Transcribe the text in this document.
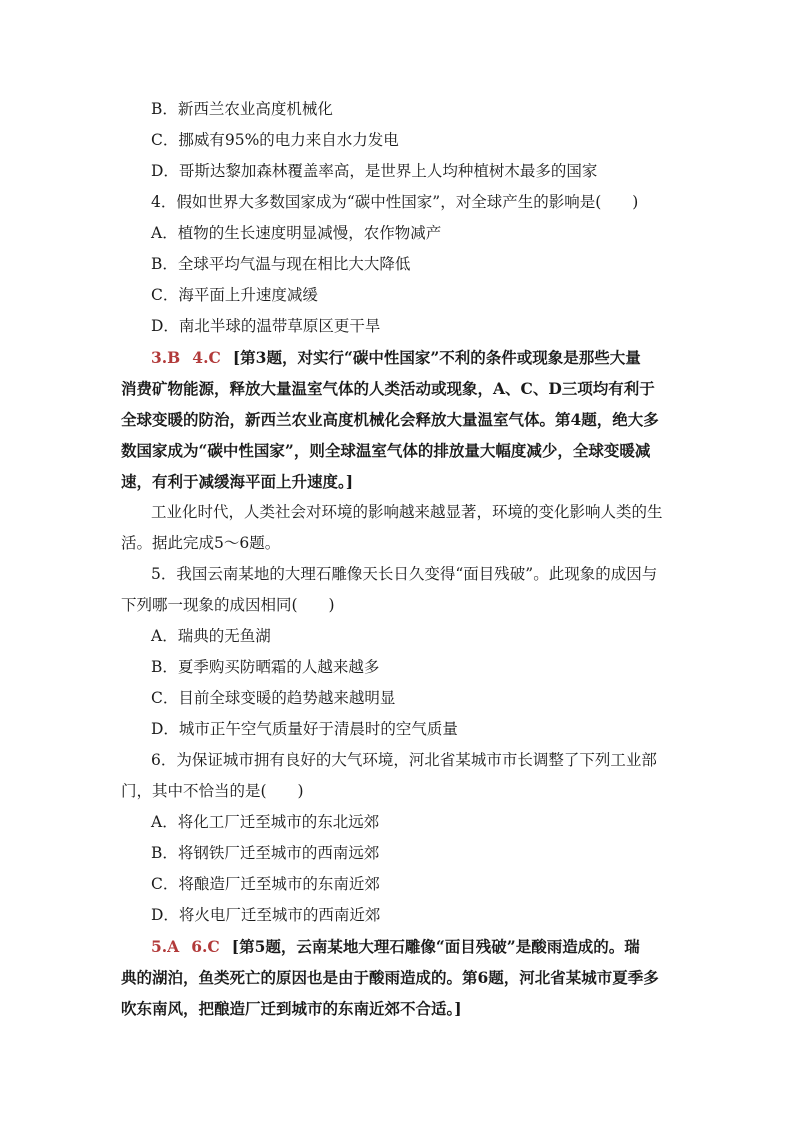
B．新西兰农业高度机械化
C．挪威有95%的电力来自水力发电
D．哥斯达黎加森林覆盖率高，是世界上人均种植树木最多的国家
4．假如世界大多数国家成为“碳中性国家”，对全球产生的影响是(　　)
A．植物的生长速度明显减慢，农作物减产
B．全球平均气温与现在相比大大降低
C．海平面上升速度减缓
D．南北半球的温带草原区更干旱
3.B 4.C [第3题，对实行“碳中性国家”不利的条件或现象是那些大量
消费矿物能源，释放大量温室气体的人类活动或现象，A、C、D三项均有利于
全球变暖的防治，新西兰农业高度机械化会释放大量温室气体。第4题，绝大多
数国家成为“碳中性国家”，则全球温室气体的排放量大幅度减少，全球变暖减
速，有利于减缓海平面上升速度。]
工业化时代，人类社会对环境的影响越来越显著，环境的变化影响人类的生
活。据此完成5～6题。
5．我国云南某地的大理石雕像天长日久变得“面目残破”。此现象的成因与
下列哪一现象的成因相同(　　)
A．瑞典的无鱼湖
B．夏季购买防晒霜的人越来越多
C．目前全球变暖的趋势越来越明显
D．城市正午空气质量好于清晨时的空气质量
6．为保证城市拥有良好的大气环境，河北省某城市市长调整了下列工业部
门，其中不恰当的是(　　)
A．将化工厂迁至城市的东北远郊
B．将钢铁厂迁至城市的西南远郊
C．将酿造厂迁至城市的东南近郊
D．将火电厂迁至城市的西南近郊
5.A 6.C [第5题，云南某地大理石雕像“面目残破”是酸雨造成的。瑞
典的湖泊，鱼类死亡的原因也是由于酸雨造成的。第6题，河北省某城市夏季多
吹东南风，把酿造厂迁到城市的东南近郊不合适。]
